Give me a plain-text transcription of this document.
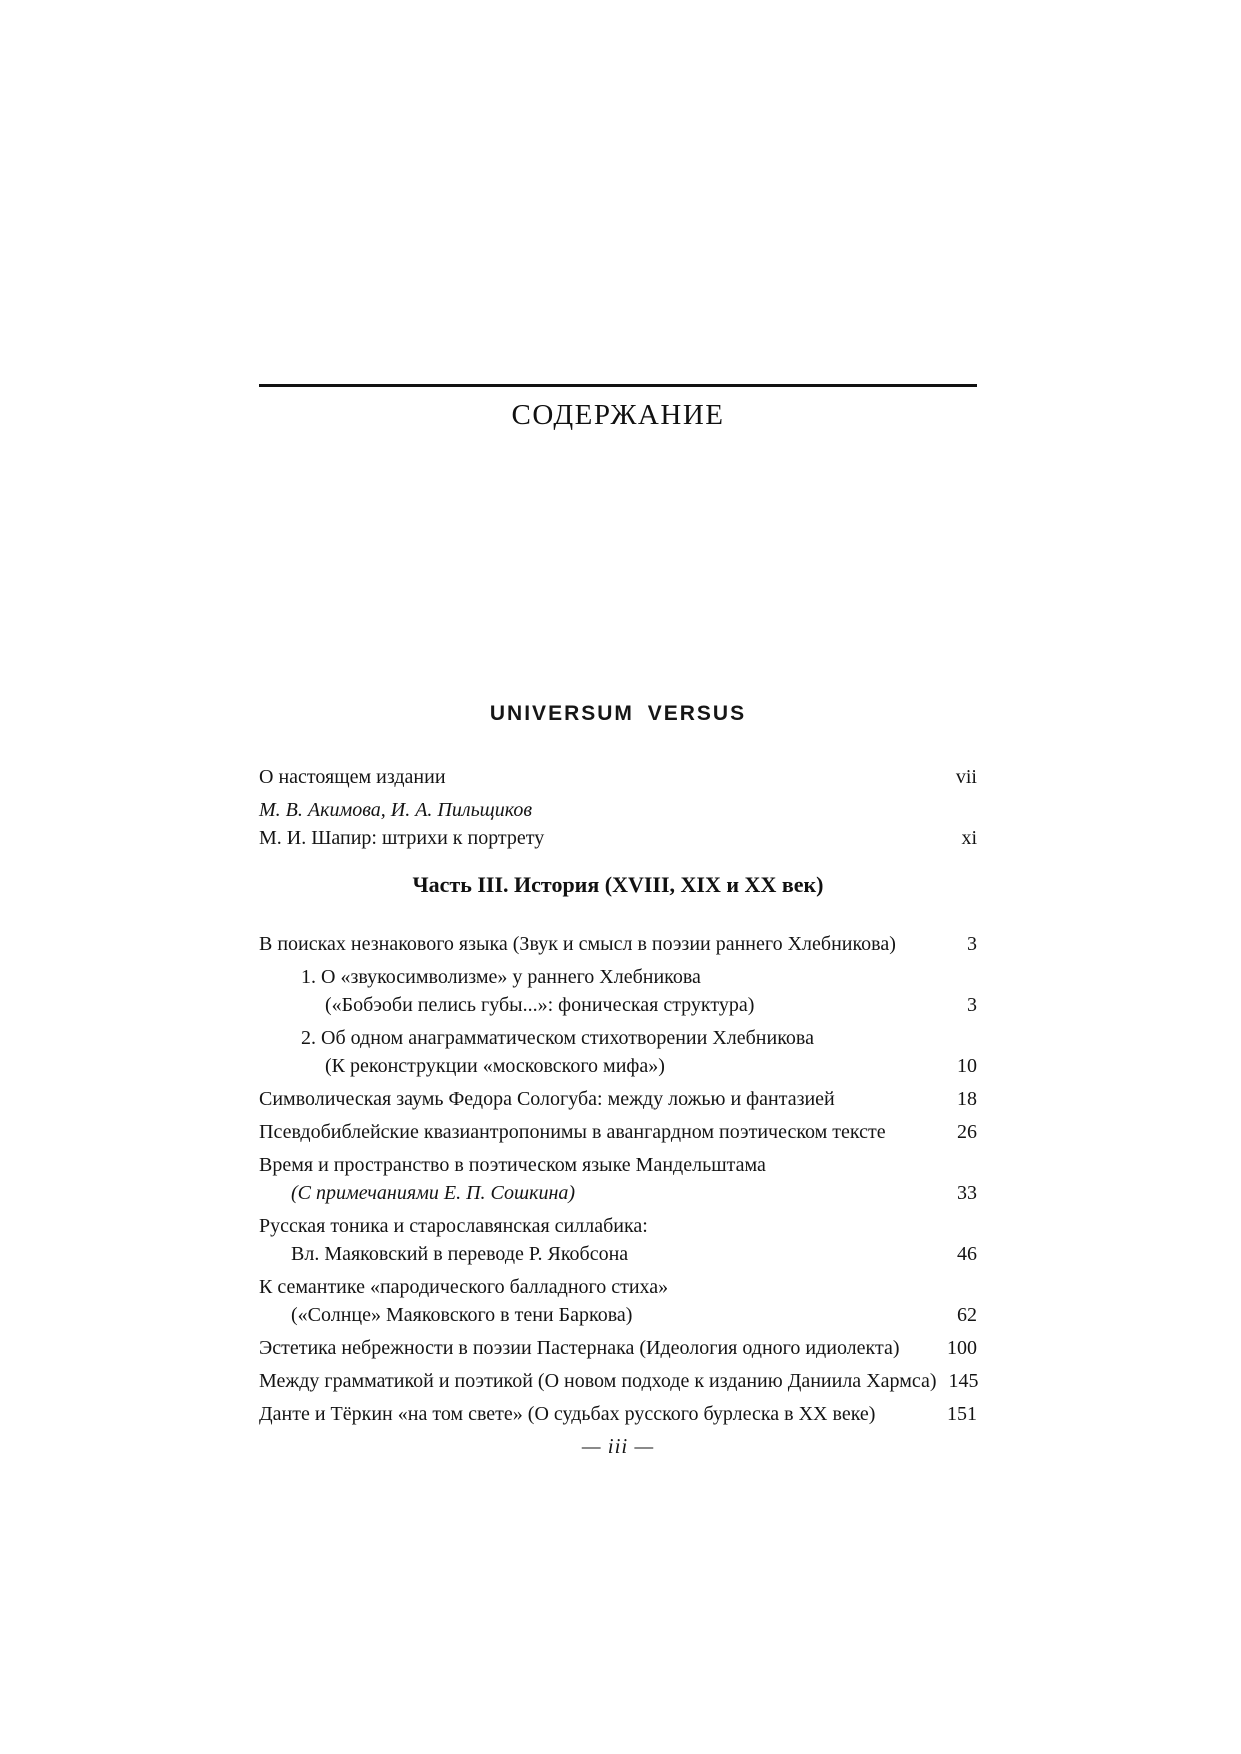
СОДЕРЖАНИЕ
UNIVERSUM VERSUS
О настоящем издании	vii
М. В. Акимова, И. А. Пильщиков
М. И. Шапир: штрихи к портрету	xi
Часть III. История (XVIII, XIX и XX век)
В поисках незнакового языка (Звук и смысл в поэзии раннего Хлебникова)	3
1. О «звукосимволизме» у раннего Хлебникова
(«Бобэоби пелись губы...»: фоническая структура)	3
2. Об одном анаграмматическом стихотворении Хлебникова
(К реконструкции «московского мифа»)	10
Символическая заумь Федора Сологуба: между ложью и фантазией	18
Псевдобиблейские квазиантропонимы в авангардном поэтическом тексте	26
Время и пространство в поэтическом языке Мандельштама
(С примечаниями Е. П. Сошкина)	33
Русская тоника и старославянская силлабика:
Вл. Маяковский в переводе Р. Якобсона	46
К семантике «пародического балладного стиха»
(«Солнце» Маяковского в тени Баркова)	62
Эстетика небрежности в поэзии Пастернака (Идеология одного идиолекта)	100
Между грамматикой и поэтикой (О новом подходе к изданию Даниила Хармса) 145
Данте и Тёркин «на том свете» (О судьбах русского бурлеска в XX веке)	151
— iii —
